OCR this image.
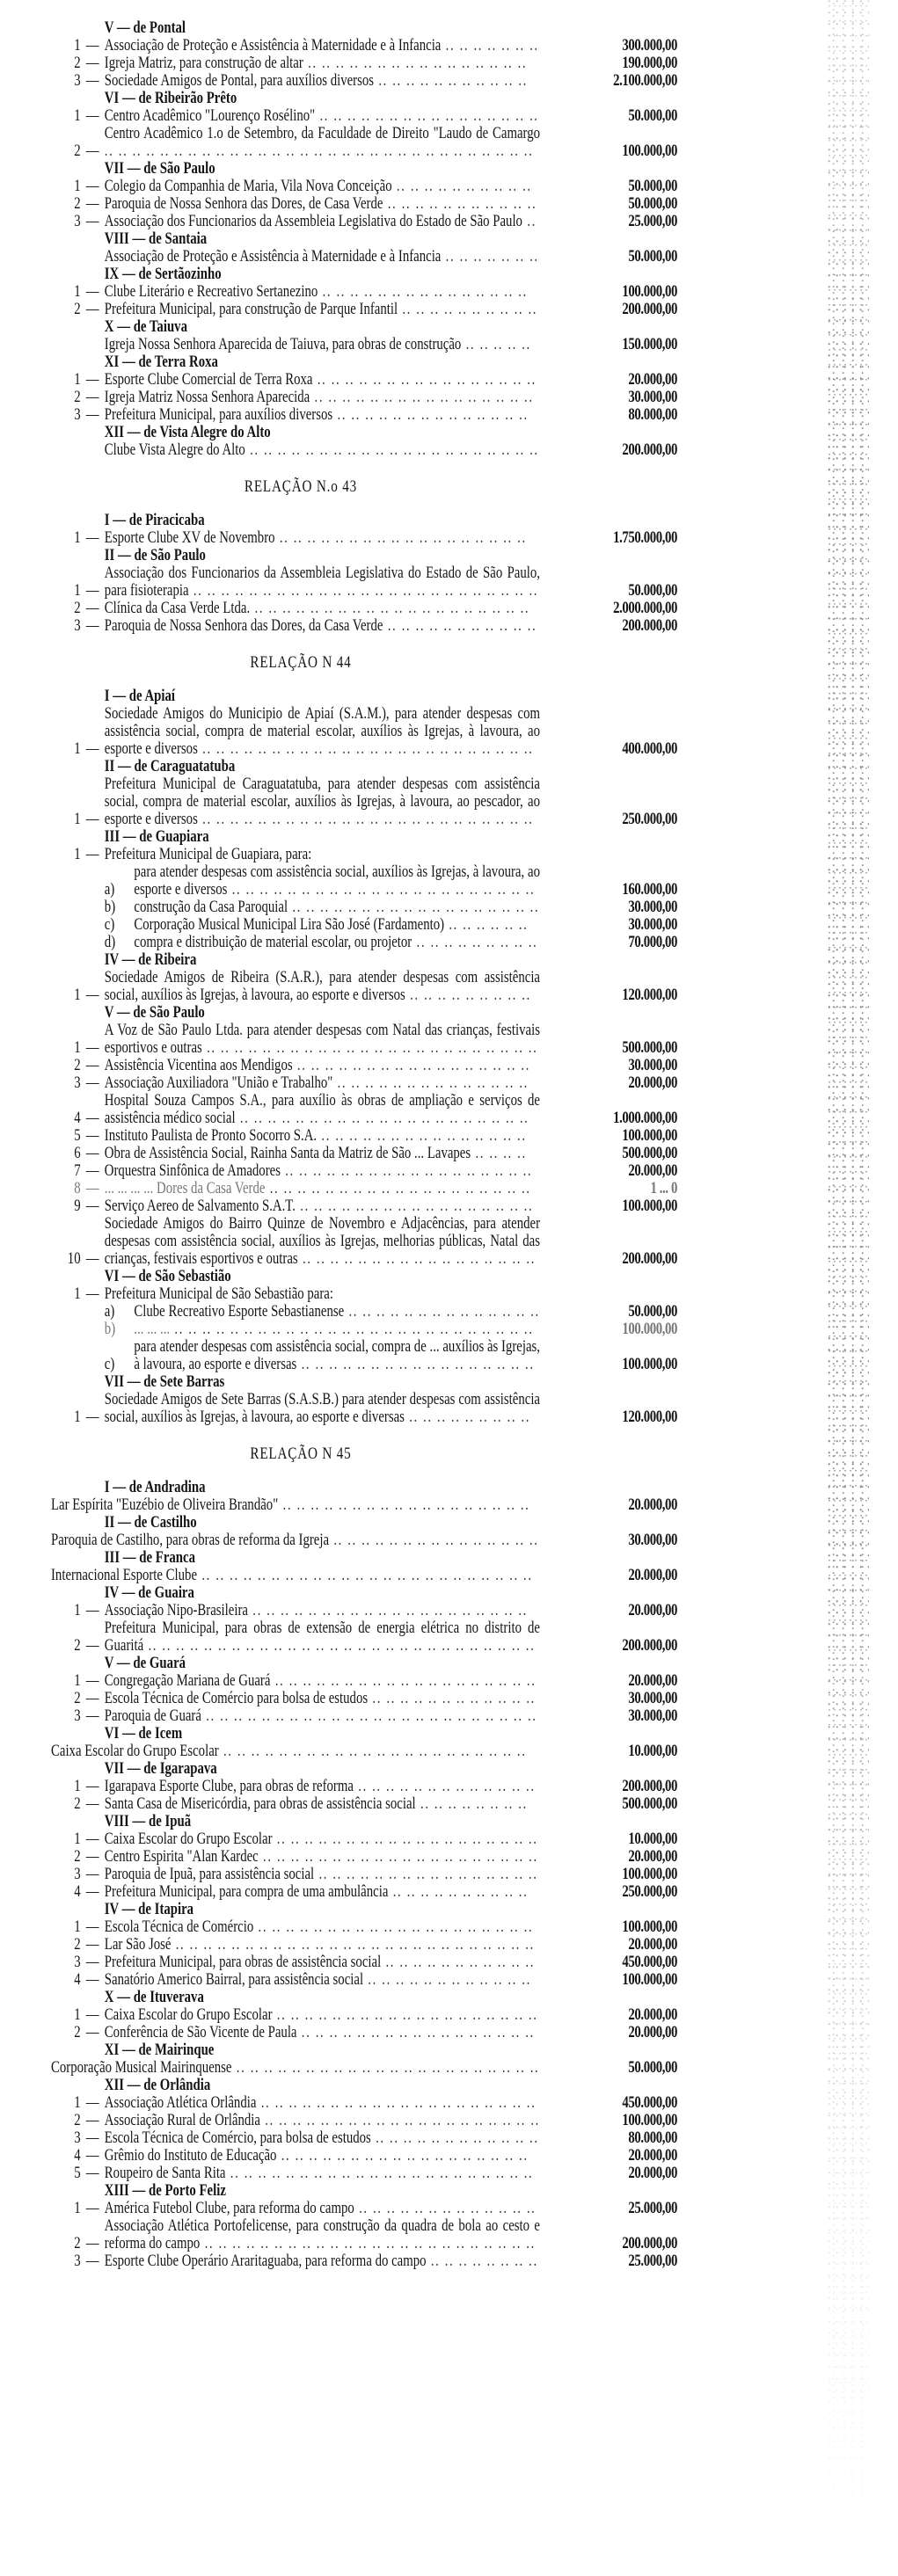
V — de Pontal
1 — Associação de Proteção e Assistência à Maternidade e à Infancia .. .. .. .. .. .. ..	300.000,00
2 — Igreja Matriz, para construção de altar .. .. .. .. .. .. .. .. .. .. .. .. .. .. .. ..	190.000,00
3 — Sociedade Amigos de Pontal, para auxílios diversos .. .. .. .. .. .. .. .. .. .. ..	2.100.000,00
VI — de Ribeirão Prêto
1 — Centro Acadêmico "Lourenço Rosélino" .. .. .. .. .. .. .. .. .. .. .. .. .. .. .. ..	50.000,00
2 —
Centro Acadêmico 1.o de Setembro, da Faculdade de Direito "Laudo de Camargo .. .. .. .. .. .. .. .. .. .. .. .. .. .. .. .. .. .. .. .. .. .. .. .. .. .. .. .. .. .. ..	100.000,00
VII — de São Paulo
1 — Colegio da Companhia de Maria, Vila Nova Conceição .. .. .. .. .. .. .. .. .. ..	50.000,00
2 — Paroquia de Nossa Senhora das Dores, de Casa Verde .. .. .. .. .. .. .. .. .. .. ..	50.000,00
3 — Associação dos Funcionarios da Assembleia Legislativa do Estado de São Paulo ..	25.000,00
VIII — de Santaia
Associação de Proteção e Assistência à Maternidade e à Infancia .. .. .. .. .. .. ..	50.000,00
IX — de Sertãozinho
1 — Clube Literário e Recreativo Sertanezino .. .. .. .. .. .. .. .. .. .. .. .. .. .. ..	100.000,00
2 — Prefeitura Municipal, para construção de Parque Infantil .. .. .. .. .. .. .. .. .. ..	200.000,00
X — de Taiuva
Igreja Nossa Senhora Aparecida de Taiuva, para obras de construção .. .. .. .. ..	150.000,00
XI — de Terra Roxa
1 — Esporte Clube Comercial de Terra Roxa .. .. .. .. .. .. .. .. .. .. .. .. .. .. .. ..	20.000,00
2 — Igreja Matriz Nossa Senhora Aparecida .. .. .. .. .. .. .. .. .. .. .. .. .. .. .. ..	30.000,00
3 — Prefeitura Municipal, para auxílios diversos .. .. .. .. .. .. .. .. .. .. .. .. .. ..	80.000,00
XII — de Vista Alegre do Alto
Clube Vista Alegre do Alto .. .. .. .. .. .. .. .. .. .. .. .. .. .. .. .. .. .. .. .. ..	200.000,00
RELAÇÃO N.o 43
I — de Piracicaba
1 — Esporte Clube XV de Novembro .. .. .. .. .. .. .. .. .. .. .. .. .. .. .. .. .. ..	1.750.000,00
II — de São Paulo
1 —
Associação dos Funcionarios da Assembleia Legislativa do Estado de São Paulo, para fisioterapia .. .. .. .. .. .. .. .. .. .. .. .. .. .. .. .. .. .. .. .. .. .. .. .. ..	50.000,00
2 — Clínica da Casa Verde Ltda. .. .. .. .. .. .. .. .. .. .. .. .. .. .. .. .. .. .. .. ..	2.000.000,00
3 — Paroquia de Nossa Senhora das Dores, da Casa Verde .. .. .. .. .. .. .. .. .. .. ..	200.000,00
RELAÇÃO N 44
I — de Apiaí
1 —
Sociedade Amigos do Municipio de Apiaí (S.A.M.), para atender despesas com assistência social, compra de material escolar, auxílios às Igrejas, à lavoura, ao esporte e diversos .. .. .. .. .. .. .. .. .. .. .. .. .. .. .. .. .. .. .. .. .. .. .. ..	400.000,00
II — de Caraguatatuba
1 —
Prefeitura Municipal de Caraguatatuba, para atender despesas com assistência social, compra de material escolar, auxílios às Igrejas, à lavoura, ao pescador, ao esporte e diversos .. .. .. .. .. .. .. .. .. .. .. .. .. .. .. .. .. .. .. .. .. .. .. ..	250.000,00
III — de Guapiara
1 — Prefeitura Municipal de Guapiara, para:
a)
para atender despesas com assistência social, auxílios às Igrejas, à lavoura, ao esporte e diversos .. .. .. .. .. .. .. .. .. .. .. .. .. .. .. .. .. .. .. .. .. ..	160.000,00
b)	construção da Casa Paroquial .. .. .. .. .. .. .. .. .. .. .. .. .. .. .. .. .. ..	30.000,00
c)	Corporação Musical Municipal Lira São José (Fardamento) .. .. .. .. .. ..	30.000,00
d)	compra e distribuição de material escolar, ou projetor .. .. .. .. .. .. .. .. ..	70.000,00
IV — de Ribeira
1 —
Sociedade Amigos de Ribeira (S.A.R.), para atender despesas com assistência social, auxílios às Igrejas, à lavoura, ao esporte e diversos .. .. .. .. .. .. .. .. ..	120.000,00
V — de São Paulo
1 —
A Voz de São Paulo Ltda. para atender despesas com Natal das crianças, festivais esportivos e outras .. .. .. .. .. .. .. .. .. .. .. .. .. .. .. .. .. .. .. .. .. .. .. ..	500.000,00
2 — Assistência Vicentina aos Mendigos .. .. .. .. .. .. .. .. .. .. .. .. .. .. .. .. ..	30.000,00
3 — Associação Auxiliadora "União e Trabalho" .. .. .. .. .. .. .. .. .. .. .. .. .. ..	20.000,00
4 —
Hospital Souza Campos S.A., para auxílio às obras de ampliação e serviços de assistência médico social .. .. .. .. .. .. .. .. .. .. .. .. .. .. .. .. .. .. .. .. ..	1.000.000,00
5 — Instituto Paulista de Pronto Socorro S.A. .. .. .. .. .. .. .. .. .. .. .. .. .. .. ..	100.000,00
6 — Obra de Assistência Social, Rainha Santa da Matriz de São ... Lavapes .. .. .. ..	500.000,00
7 — Orquestra Sinfônica de Amadores .. .. .. .. .. .. .. .. .. .. .. .. .. .. .. .. .. ..	20.000,00
8 — ... ... ... ... Dores da Casa Verde .. .. .. .. .. .. .. .. .. .. .. .. .. .. .. .. .. .. ..	1 ... 0
9 — Serviço Aereo de Salvamento S.A.T. .. .. .. .. .. .. .. .. .. .. .. .. .. .. .. .. ..	100.000,00
10 —
Sociedade Amigos do Bairro Quinze de Novembro e Adjacências, para atender despesas com assistência social, auxílios às Igrejas, melhorias públicas, Natal das crianças, festivais esportivos e outras .. .. .. .. .. .. .. .. .. .. .. .. .. .. .. .. ..	200.000,00
VI — de São Sebastião
1 — Prefeitura Municipal de São Sebastião para:
a)	Clube Recreativo Esporte Sebastianense .. .. .. .. .. .. .. .. .. .. .. .. .. ..	50.000,00
b)	... ... ... .. .. .. .. .. .. .. .. .. .. .. .. .. .. .. .. .. .. .. .. .. .. .. .. .. ..	100.000,00
c)
para atender despesas com assistência social, compra de ... auxílios às Igrejas, à lavoura, ao esporte e diversas .. .. .. .. .. .. .. .. .. .. .. .. .. .. .. .. ..	100.000,00
VII — de Sete Barras
1 —
Sociedade Amigos de Sete Barras (S.A.S.B.) para atender despesas com assistência social, auxílios às Igrejas, à lavoura, ao esporte e diversas .. .. .. .. .. .. .. .. ..	120.000,00
RELAÇÃO N 45
I — de Andradina
Lar Espírita "Euzébio de Oliveira Brandão" .. .. .. .. .. .. .. .. .. .. .. .. .. .. .. .. .. ..	20.000,00
II — de Castilho
Paroquia de Castilho, para obras de reforma da Igreja .. .. .. .. .. .. .. .. .. .. .. .. .. .. ..	30.000,00
III — de Franca
Internacional Esporte Clube .. .. .. .. .. .. .. .. .. .. .. .. .. .. .. .. .. .. .. .. .. .. .. ..	20.000,00
IV — de Guaira
1 — Associação Nipo-Brasileira .. .. .. .. .. .. .. .. .. .. .. .. .. .. .. .. .. .. .. ..	20.000,00
2 —
Prefeitura Municipal, para obras de extensão de energia elétrica no distrito de Guaritá .. .. .. .. .. .. .. .. .. .. .. .. .. .. .. .. .. .. .. .. .. .. .. .. .. .. .. ..	200.000,00
V — de Guará
1 — Congregação Mariana de Guará .. .. .. .. .. .. .. .. .. .. .. .. .. .. .. .. .. .. ..	20.000,00
2 — Escola Técnica de Comércio para bolsa de estudos .. .. .. .. .. .. .. .. .. .. .. ..	30.000,00
3 — Paroquia de Guará .. .. .. .. .. .. .. .. .. .. .. .. .. .. .. .. .. .. .. .. .. .. .. ..	30.000,00
VI — de Icem
Caixa Escolar do Grupo Escolar .. .. .. .. .. .. .. .. .. .. .. .. .. .. .. .. .. .. .. .. .. ..	10.000,00
VII — de Igarapava
1 — Igarapava Esporte Clube, para obras de reforma .. .. .. .. .. .. .. .. .. .. .. .. ..	200.000,00
2 — Santa Casa de Misericórdia, para obras de assistência social .. .. .. .. .. .. .. ..	500.000,00
VIII — de Ipuã
1 — Caixa Escolar do Grupo Escolar .. .. .. .. .. .. .. .. .. .. .. .. .. .. .. .. .. .. ..	10.000,00
2 — Centro Espirita "Alan Kardec .. .. .. .. .. .. .. .. .. .. .. .. .. .. .. .. .. .. .. ..	20.000,00
3 — Paroquia de Ipuã, para assistência social .. .. .. .. .. .. .. .. .. .. .. .. .. .. .. ..	100.000,00
4 — Prefeitura Municipal, para compra de uma ambulância .. .. .. .. .. .. .. .. .. ..	250.000,00
IV — de Itapira
1 — Escola Técnica de Comércio .. .. .. .. .. .. .. .. .. .. .. .. .. .. .. .. .. .. .. ..	100.000,00
2 — Lar São José .. .. .. .. .. .. .. .. .. .. .. .. .. .. .. .. .. .. .. .. .. .. .. .. .. ..	20.000,00
3 — Prefeitura Municipal, para obras de assistência social .. .. .. .. .. .. .. .. .. .. ..	450.000,00
4 — Sanatório Americo Bairral, para assistência social .. .. .. .. .. .. .. .. .. .. .. ..	100.000,00
X — de Ituverava
1 — Caixa Escolar do Grupo Escolar .. .. .. .. .. .. .. .. .. .. .. .. .. .. .. .. .. .. ..	20.000,00
2 — Conferência de São Vicente de Paula .. .. .. .. .. .. .. .. .. .. .. .. .. .. .. .. ..	20.000,00
XI — de Mairinque
Corporação Musical Mairinquense .. .. .. .. .. .. .. .. .. .. .. .. .. .. .. .. .. .. .. .. .. ..	50.000,00
XII — de Orlândia
1 — Associação Atlética Orlândia .. .. .. .. .. .. .. .. .. .. .. .. .. .. .. .. .. .. .. ..	450.000,00
2 — Associação Rural de Orlândia .. .. .. .. .. .. .. .. .. .. .. .. .. .. .. .. .. .. .. ..	100.000,00
3 — Escola Técnica de Comércio, para bolsa de estudos .. .. .. .. .. .. .. .. .. .. .. ..	80.000,00
4 — Grêmio do Instituto de Educação .. .. .. .. .. .. .. .. .. .. .. .. .. .. .. .. .. ..	20.000,00
5 — Roupeiro de Santa Rita .. .. .. .. .. .. .. .. .. .. .. .. .. .. .. .. .. .. .. .. .. ..	20.000,00
XIII — de Porto Feliz
1 — América Futebol Clube, para reforma do campo .. .. .. .. .. .. .. .. .. .. .. .. ..	25.000,00
2 —
Associação Atlética Portofelicense, para construção da quadra de bola ao cesto e reforma do campo .. .. .. .. .. .. .. .. .. .. .. .. .. .. .. .. .. .. .. .. .. .. .. ..	200.000,00
3 — Esporte Clube Operário Araritaguaba, para reforma do campo .. .. .. .. .. .. .. ..	25.000,00
